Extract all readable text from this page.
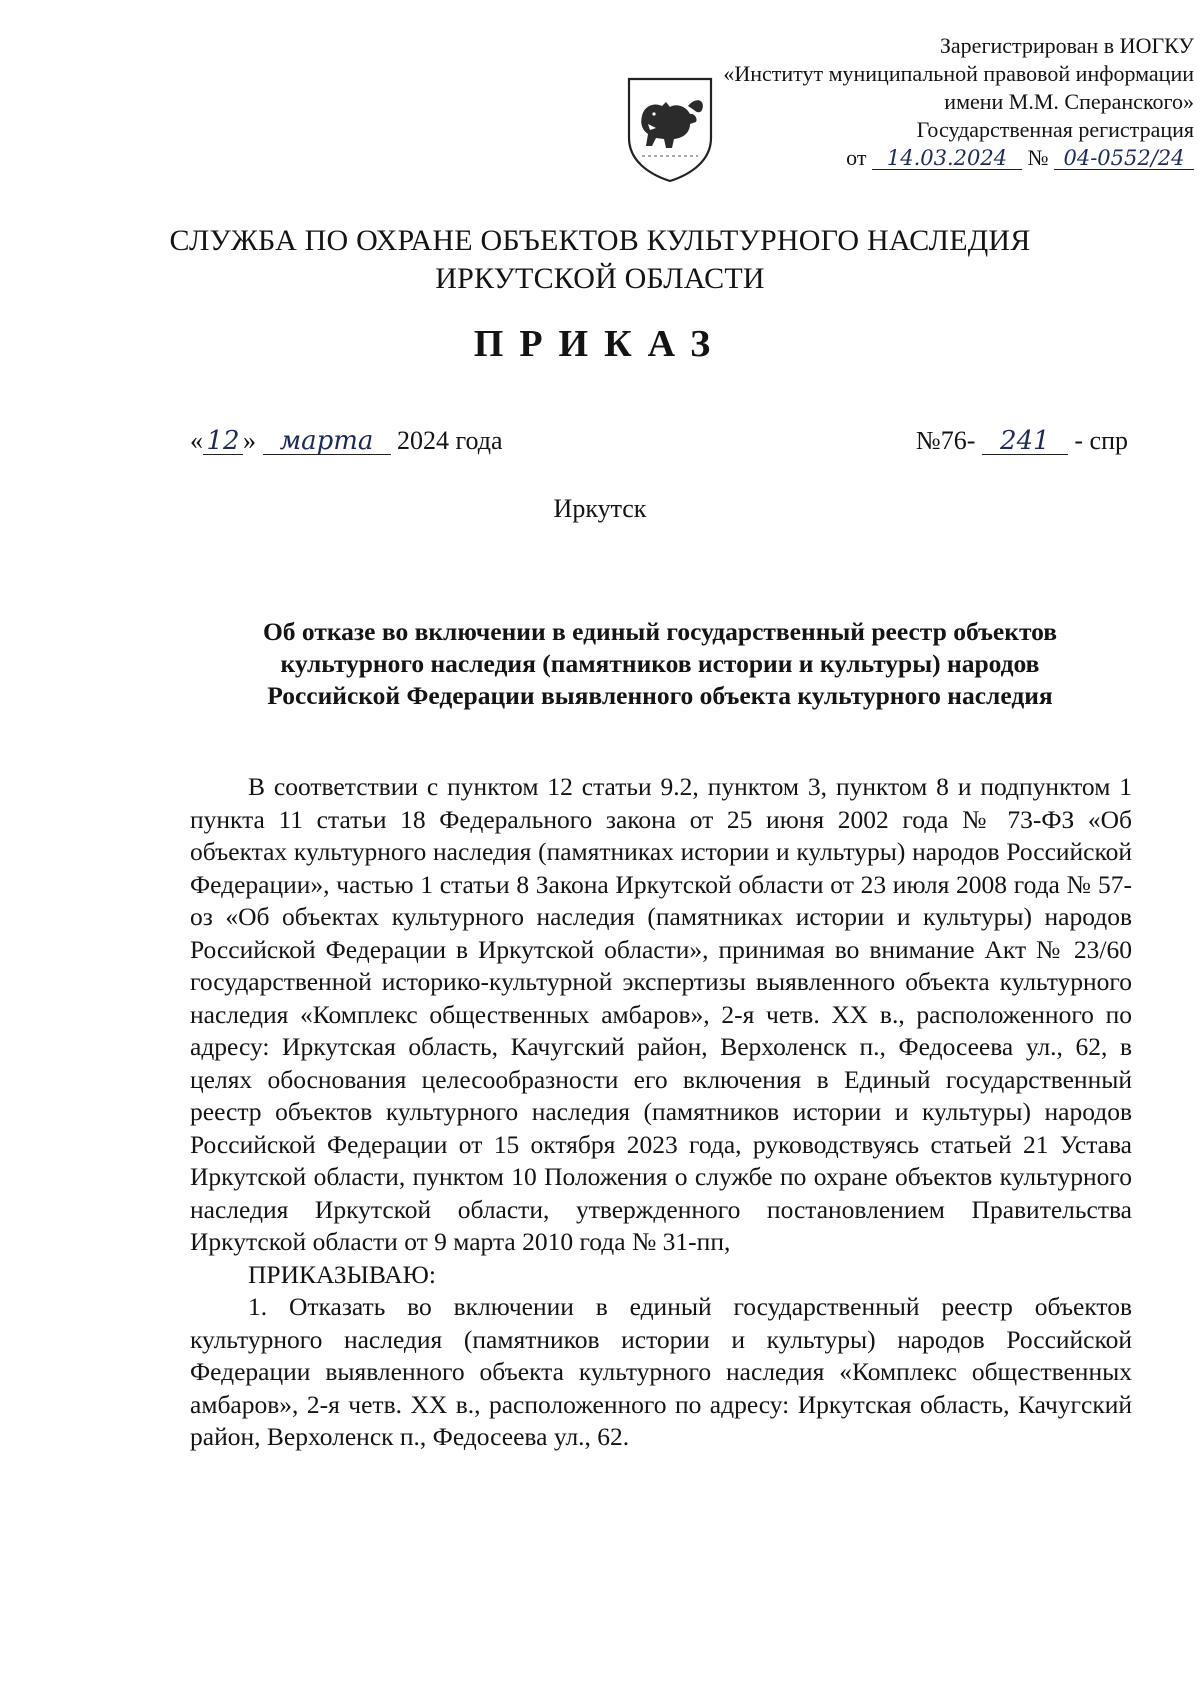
Зарегистрирован в ИОГКУ
«Институт муниципальной правовой информации
имени М.М. Сперанского»
Государственная регистрация
от 14.03.2024 № 04-0552/24
СЛУЖБА ПО ОХРАНЕ ОБЪЕКТОВ КУЛЬТУРНОГО НАСЛЕДИЯ
ИРКУТСКОЙ ОБЛАСТИ
ПРИКАЗ
« 12 » марта 2024 года	№76- 241 - спр
Иркутск
Об отказе во включении в единый государственный реестр объектов
культурного наследия (памятников истории и культуры) народов
Российской Федерации выявленного объекта культурного наследия

В соответствии с пунктом 12 статьи 9.2, пунктом 3, пунктом 8 и подпунктом 1 пункта 11 статьи 18 Федерального закона от 25 июня 2002 года № 73-ФЗ «Об объектах культурного наследия (памятниках истории и культуры) народов Российской Федерации», частью 1 статьи 8 Закона Иркутской области от 23 июля 2008 года № 57-оз «Об объектах культурного наследия (памятниках истории и культуры) народов Российской Федерации в Иркутской области», принимая во внимание Акт № 23/60 государственной историко-культурной экспертизы выявленного объекта культурного наследия «Комплекс общественных амбаров», 2-я четв. XX в., расположенного по адресу: Иркутская область, Качугский район, Верхоленск п., Федосеева ул., 62, в целях обоснования целесообразности его включения в Единый государственный реестр объектов культурного наследия (памятников истории и культуры) народов Российской Федерации от 15 октября 2023 года, руководствуясь статьей 21 Устава Иркутской области, пунктом 10 Положения о службе по охране объектов культурного наследия Иркутской области, утвержденного постановлением Правительства Иркутской области от 9 марта 2010 года № 31-пп,

ПРИКАЗЫВАЮ:

1. Отказать во включении в единый государственный реестр объектов культурного наследия (памятников истории и культуры) народов Российской Федерации выявленного объекта культурного наследия «Комплекс общественных амбаров», 2-я четв. XX в., расположенного по адресу: Иркутская область, Качугский район, Верхоленск п., Федосеева ул., 62.
